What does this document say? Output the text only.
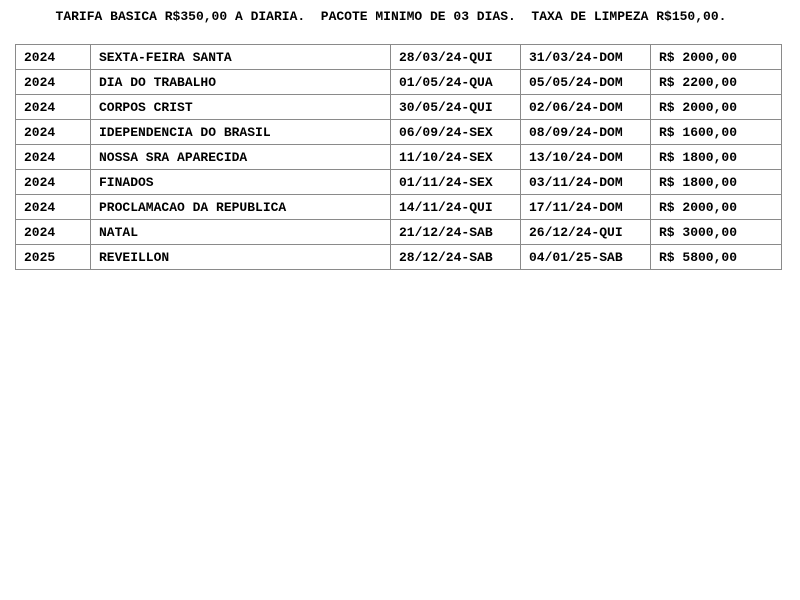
TARIFA BASICA R$350,00 A DIARIA.  PACOTE MINIMO DE 03 DIAS.  TAXA DE LIMPEZA R$150,00.
2024	SEXTA-FEIRA SANTA	28/03/24-QUI	31/03/24-DOM	R$ 2000,00
2024	DIA DO TRABALHO	01/05/24-QUA	05/05/24-DOM	R$ 2200,00
2024	CORPOS CRIST	30/05/24-QUI	02/06/24-DOM	R$ 2000,00
2024	IDEPENDENCIA DO BRASIL	06/09/24-SEX	08/09/24-DOM	R$ 1600,00
2024	NOSSA SRA APARECIDA	11/10/24-SEX	13/10/24-DOM	R$ 1800,00
2024	FINADOS	01/11/24-SEX	03/11/24-DOM	R$ 1800,00
2024	PROCLAMACAO DA REPUBLICA	14/11/24-QUI	17/11/24-DOM	R$ 2000,00
2024	NATAL	21/12/24-SAB	26/12/24-QUI	R$ 3000,00
2025	REVEILLON	28/12/24-SAB	04/01/25-SAB	R$ 5800,00
